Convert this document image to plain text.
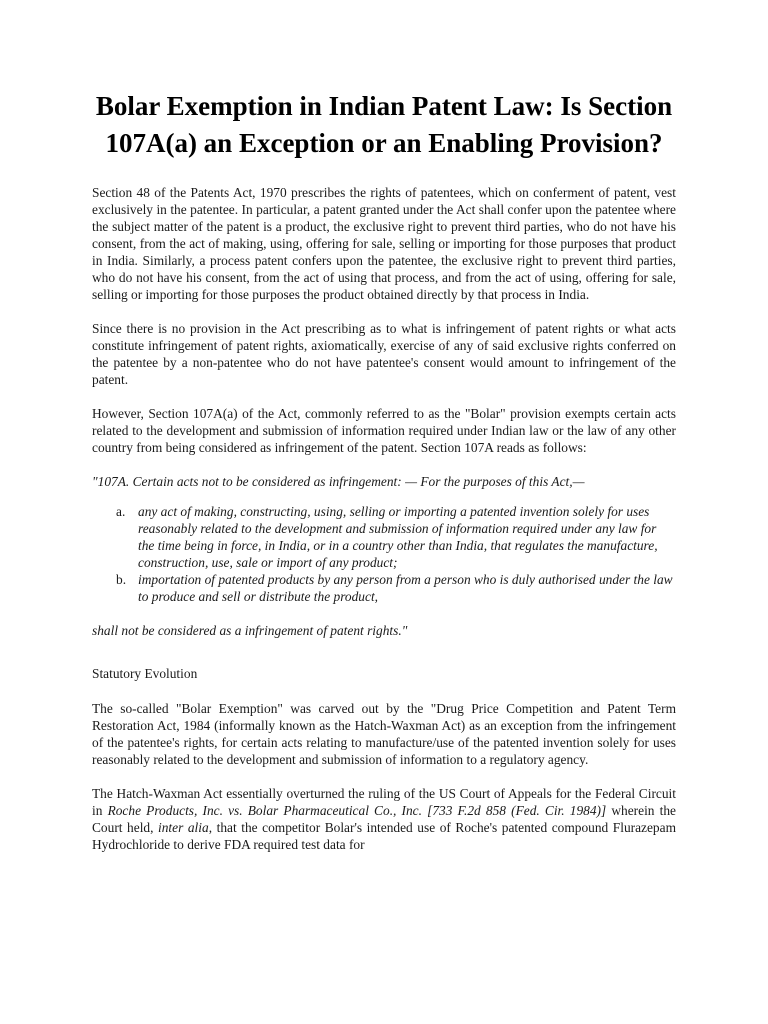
Bolar Exemption in Indian Patent Law: Is Section 107A(a) an Exception or an Enabling Provision?

Section 48 of the Patents Act, 1970 prescribes the rights of patentees, which on conferment of patent, vest exclusively in the patentee. In particular, a patent granted under the Act shall confer upon the patentee where the subject matter of the patent is a product, the exclusive right to prevent third parties, who do not have his consent, from the act of making, using, offering for sale, selling or importing for those purposes that product in India. Similarly, a process patent confers upon the patentee, the exclusive right to prevent third parties, who do not have his consent, from the act of using that process, and from the act of using, offering for sale, selling or importing for those purposes the product obtained directly by that process in India.

Since there is no provision in the Act prescribing as to what is infringement of patent rights or what acts constitute infringement of patent rights, axiomatically, exercise of any of said exclusive rights conferred on the patentee by a non-patentee who do not have patentee's consent would amount to infringement of the patent.

However, Section 107A(a) of the Act, commonly referred to as the "Bolar" provision exempts certain acts related to the development and submission of information required under Indian law or the law of any other country from being considered as infringement of the patent. Section 107A reads as follows:

"107A. Certain acts not to be considered as infringement: — For the purposes of this Act,—

a. any act of making, constructing, using, selling or importing a patented invention solely for uses reasonably related to the development and submission of information required under any law for the time being in force, in India, or in a country other than India, that regulates the manufacture, construction, use, sale or import of any product;
b. importation of patented products by any person from a person who is duly authorised under the law to produce and sell or distribute the product,

shall not be considered as a infringement of patent rights."

Statutory Evolution

The so-called "Bolar Exemption" was carved out by the "Drug Price Competition and Patent Term Restoration Act, 1984 (informally known as the Hatch-Waxman Act) as an exception from the infringement of the patentee's rights, for certain acts relating to manufacture/use of the patented invention solely for uses reasonably related to the development and submission of information to a regulatory agency.

The Hatch-Waxman Act essentially overturned the ruling of the US Court of Appeals for the Federal Circuit in Roche Products, Inc. vs. Bolar Pharmaceutical Co., Inc. [733 F.2d 858 (Fed. Cir. 1984)] wherein the Court held, inter alia, that the competitor Bolar's intended use of Roche's patented compound Flurazepam Hydrochloride to derive FDA required test data for
